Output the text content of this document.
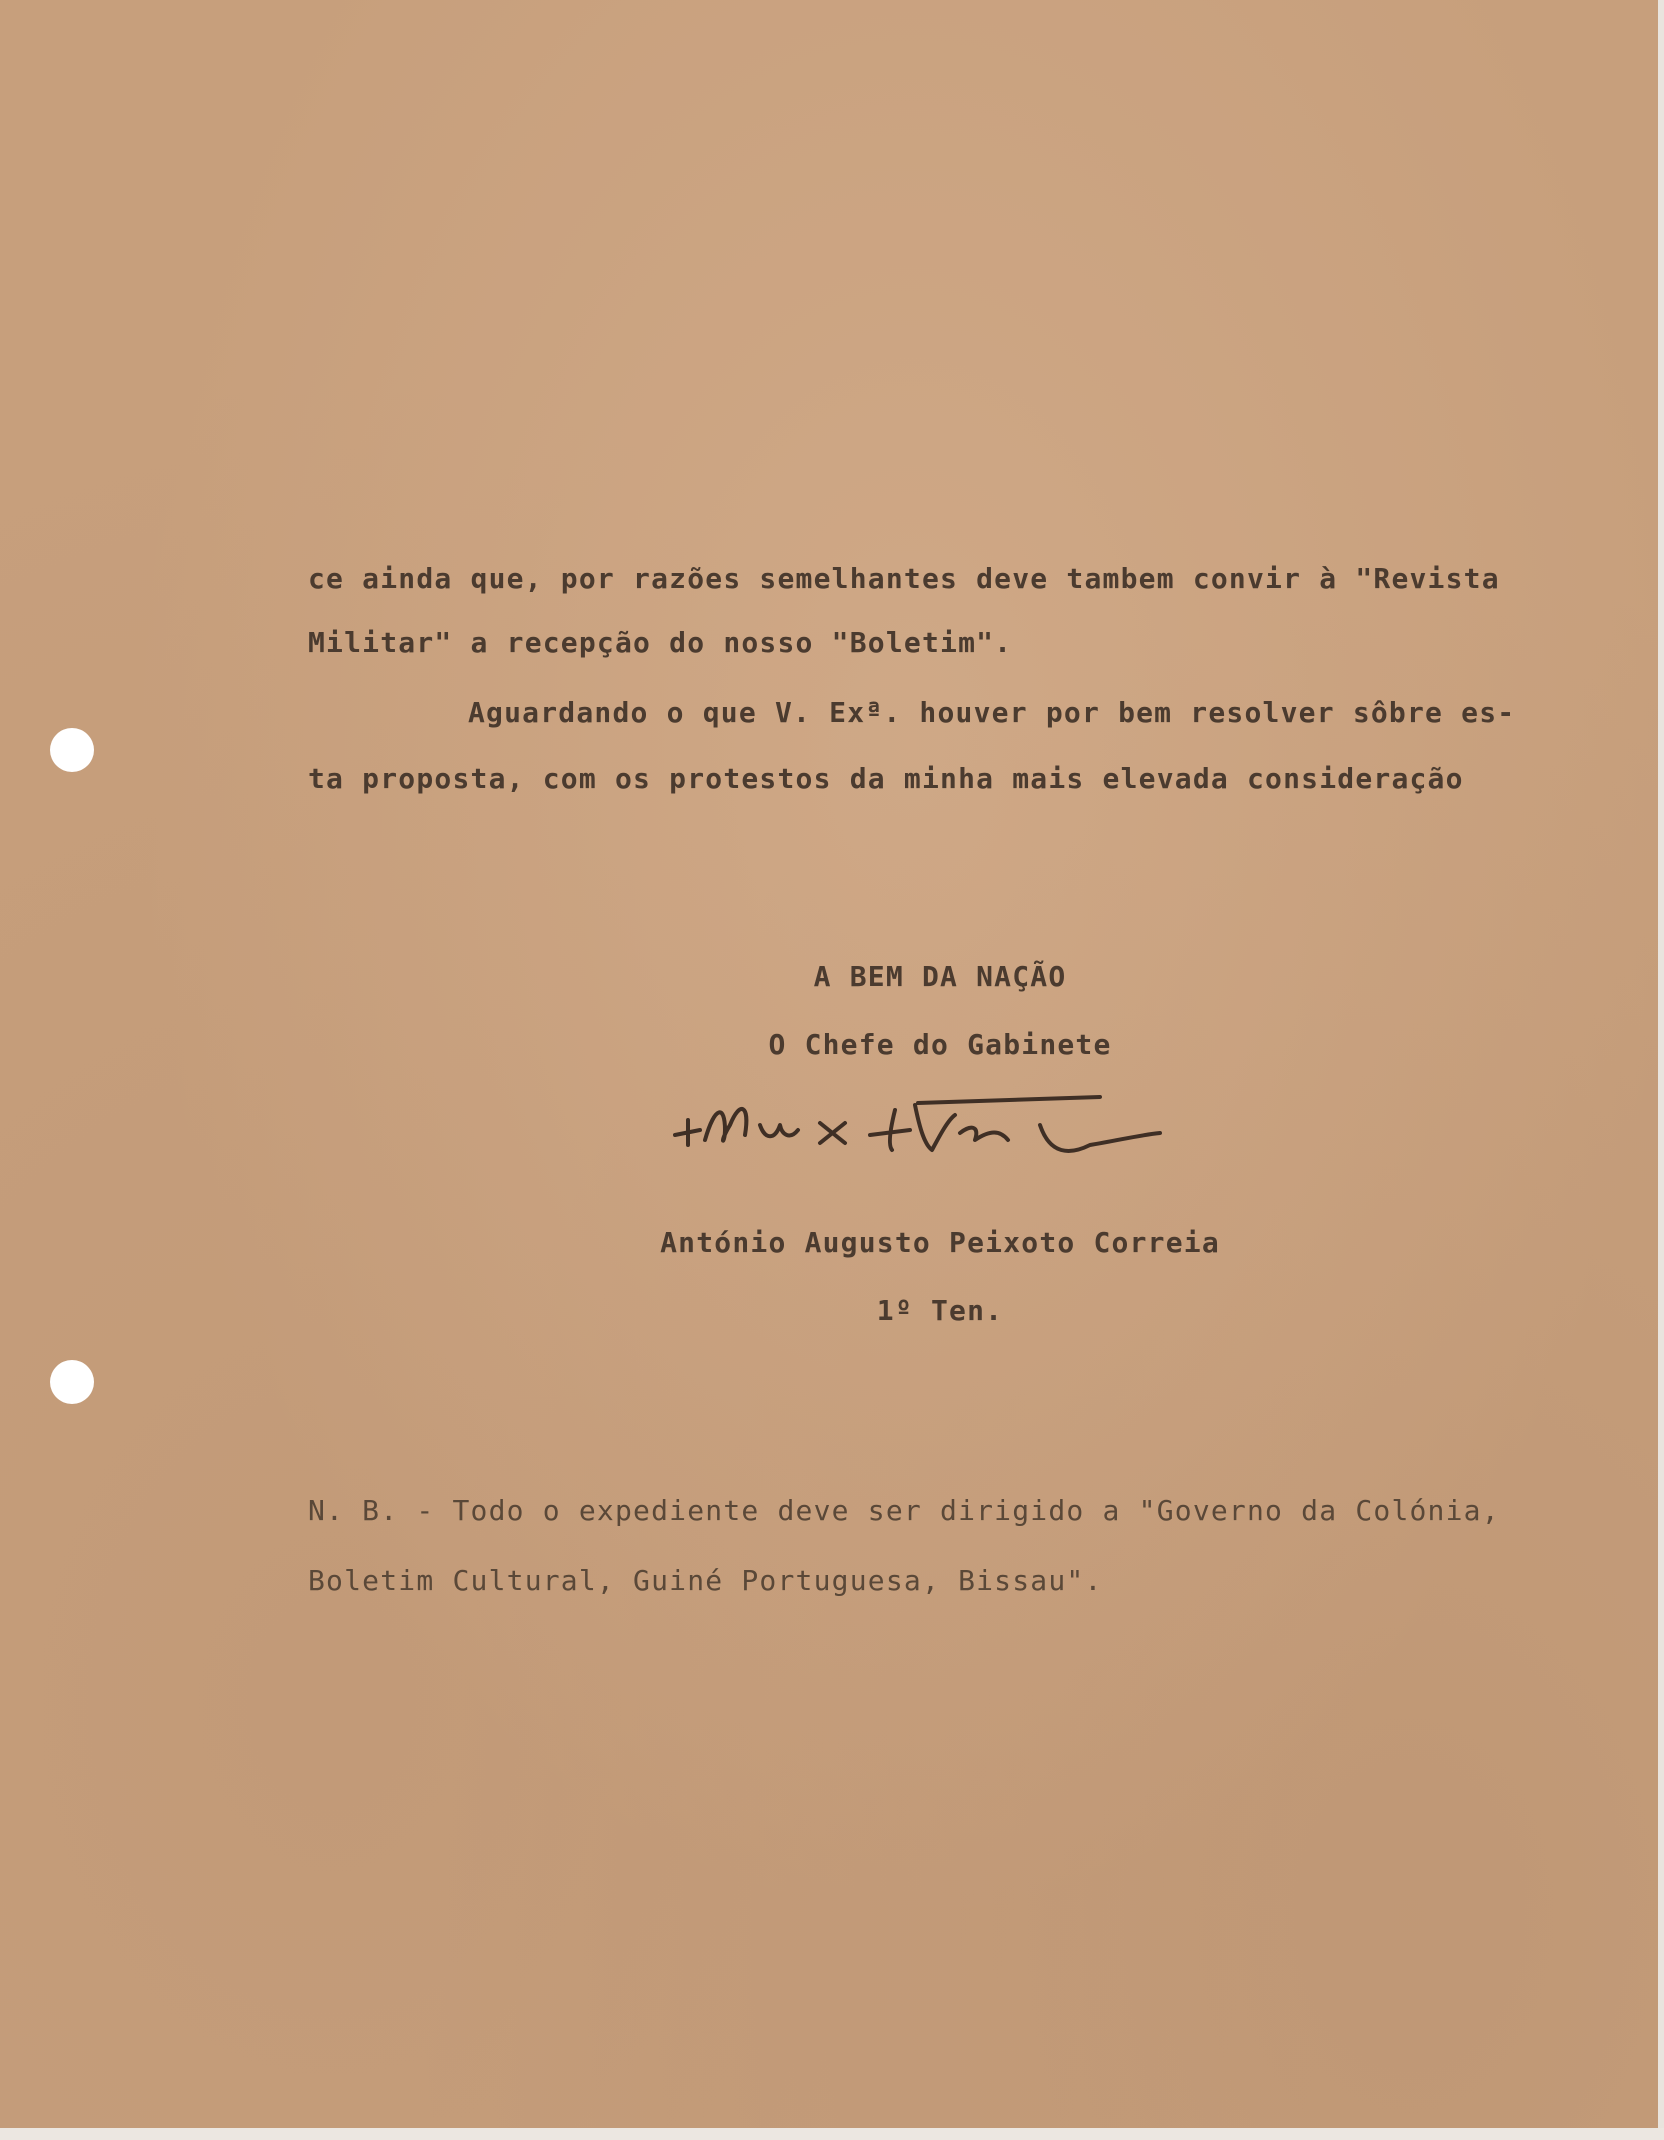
ce ainda que, por razões semelhantes deve tambem convir à "Revista
Militar" a recepção do nosso "Boletim".
Aguardando o que V. Exª. houver por bem resolver sôbre es-
ta proposta, com os protestos da minha mais elevada consideração
A BEM DA NAÇÃO
O Chefe do Gabinete
António Augusto Peixoto Correia
1º Ten.
N. B. - Todo o expediente deve ser dirigido a "Governo da Colónia,
Boletim Cultural, Guiné Portuguesa, Bissau".
